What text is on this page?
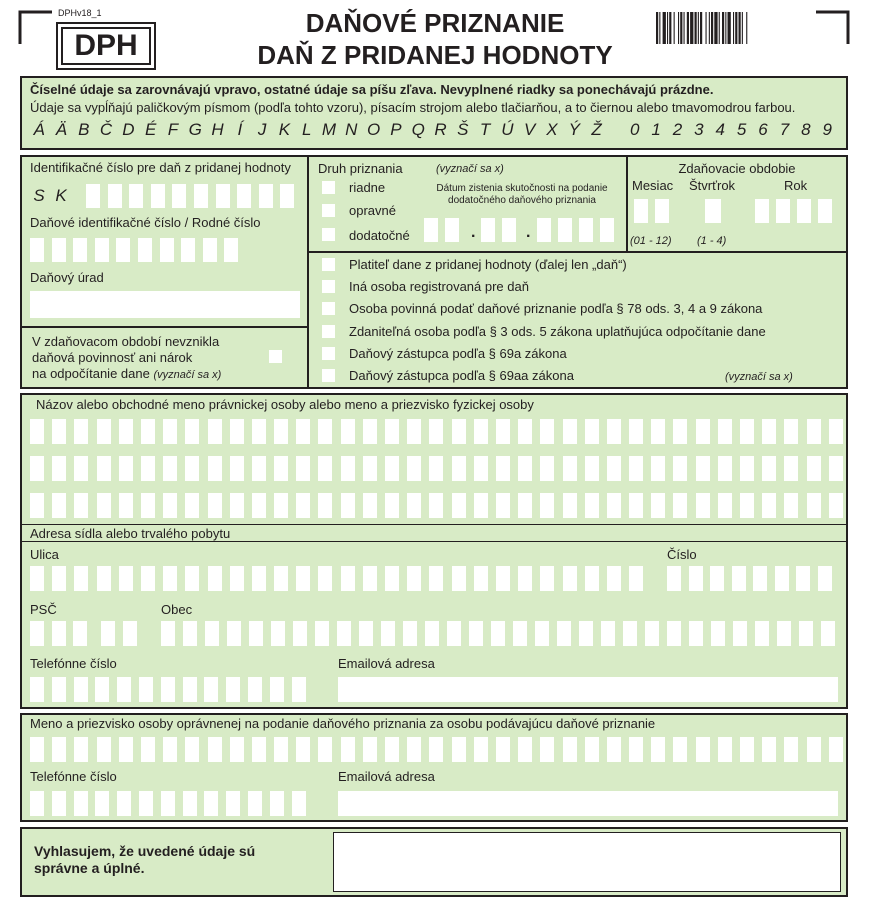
DPHv18_1
DPH
DAŇOVÉ PRIZNANIE
DAŇ Z PRIDANEJ HODNOTY
Číselné údaje sa zarovnávajú vpravo, ostatné údaje sa píšu zľava. Nevyplnené riadky sa ponechávajú prázdne.
Údaje sa vypĺňajú paličkovým písmom (podľa tohto vzoru), písacím strojom alebo tlačiarňou, a to čiernou alebo tmavomodrou farbou.
Á Ä B Č D É F G H Í J K L M N O P Q R Š T Ú V X Ý Ž	0 1 2 3 4 5 6 7 8 9
Identifikačné číslo pre daň z pridanej hodnoty
S K
Daňové identifikačné číslo / Rodné číslo
Daňový úrad
V zdaňovacom období nevznikla
daňová povinnosť ani nárok
na odpočítanie dane (vyznačí sa x)
Druh priznania	(vyznačí sa x)
riadne
opravné
dodatočné
Dátum zistenia skutočnosti na podanie
dodatočného daňového priznania
.	.
Zdaňovacie obdobie
Mesiac Štvrťrok	Rok
(01 - 12) (1 - 4)
Platiteľ dane z pridanej hodnoty (ďalej len „daň“)
Iná osoba registrovaná pre daň
Osoba povinná podať daňové priznanie podľa § 78 ods. 3, 4 a 9 zákona
Zdaniteľná osoba podľa § 3 ods. 5 zákona uplatňujúca odpočítanie dane
Daňový zástupca podľa § 69a zákona
Daňový zástupca podľa § 69aa zákona	(vyznačí sa x)
Názov alebo obchodné meno právnickej osoby alebo meno a priezvisko fyzickej osoby
Adresa sídla alebo trvalého pobytu
Ulica	Číslo
PSČ	Obec
Telefónne číslo	Emailová adresa
Meno a priezvisko osoby oprávnenej na podanie daňového priznania za osobu podávajúcu daňové priznanie
Telefónne číslo	Emailová adresa
Vyhlasujem, že uvedené údaje sú
správne a úplné.
